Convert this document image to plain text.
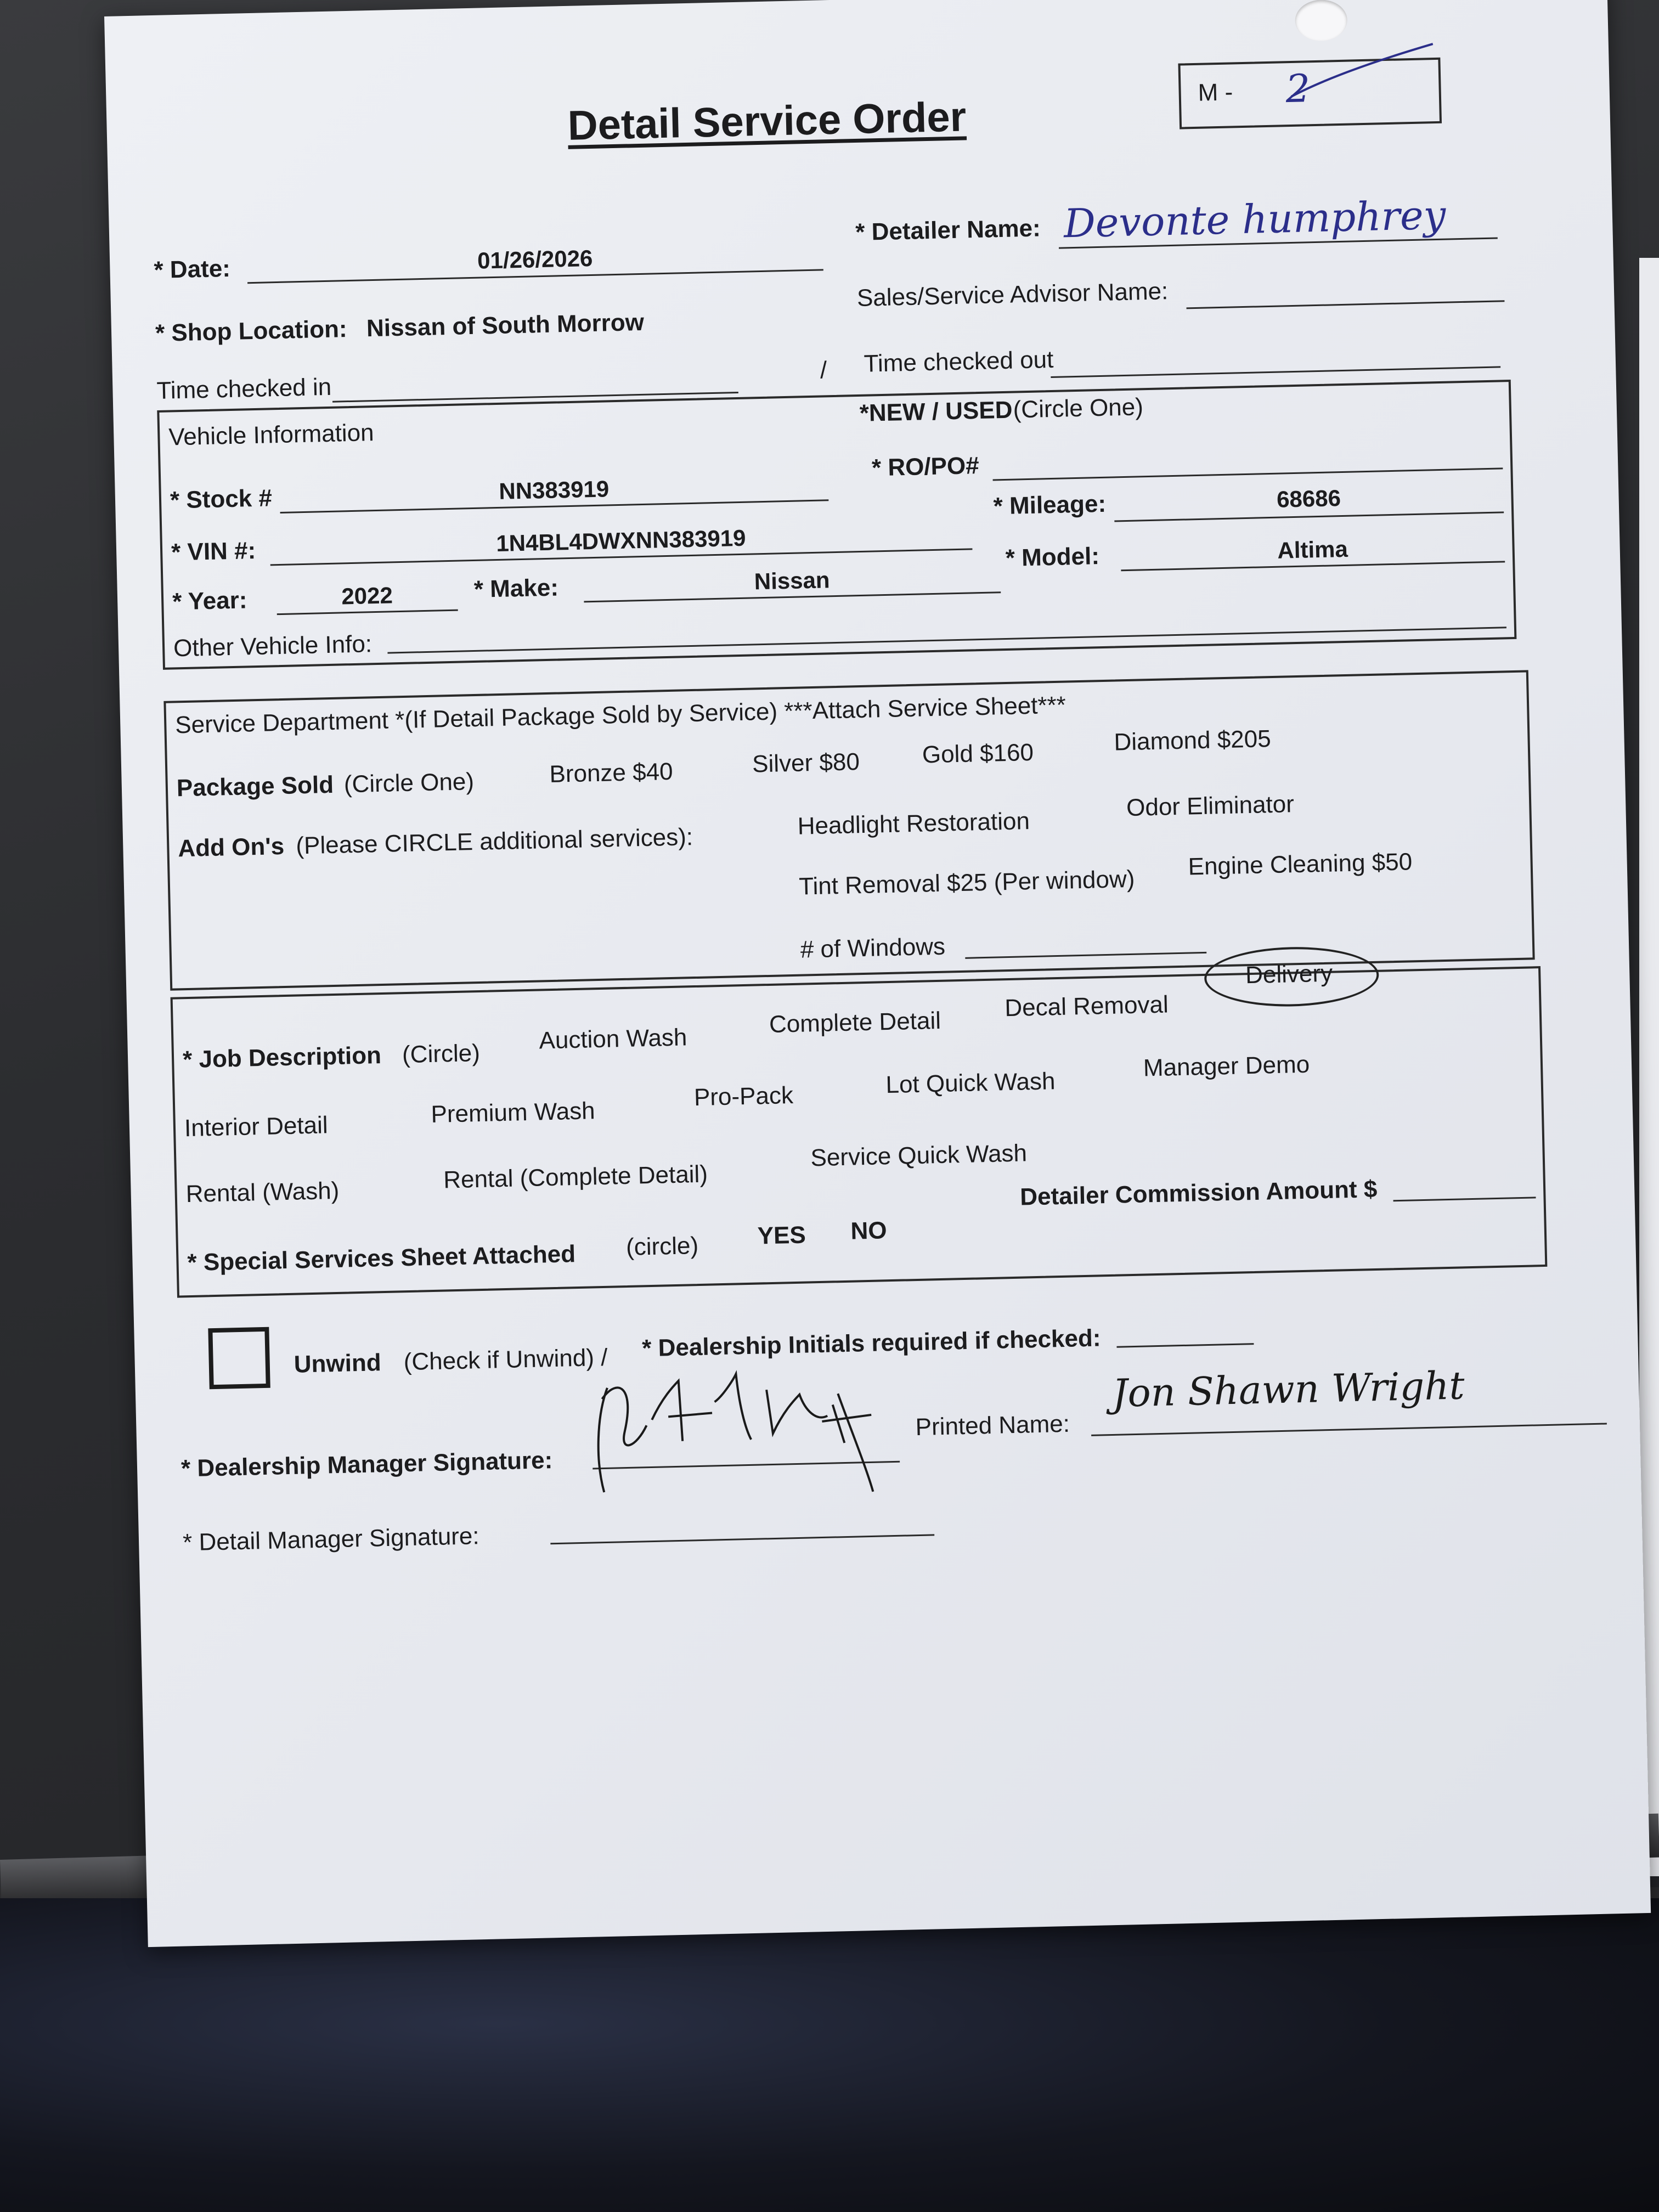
Detail Service Order
M - 2
* Date:	01/26/2026
* Detailer Name: Devonte humphrey
* Shop Location: Nissan of South Morrow
Sales/Service Advisor Name:
Time checked in
/ Time checked out
Vehicle Information
*NEW / USED (Circle One)
* Stock #	NN383919
* RO/PO#
* VIN #:	1N4BL4DWXNN383919
* Mileage:	68686
* Year:	2022	* Make:	Nissan
* Model:	Altima
Other Vehicle Info:
Service Department *(If Detail Package Sold by Service) ***Attach Service Sheet***
Package Sold (Circle One)	Bronze $40	Silver $80	Gold $160	Diamond $205
Add On's (Please CIRCLE additional services):	Headlight Restoration
Odor Eliminator
Tint Removal $25 (Per window)
Engine Cleaning $50
# of Windows
* Job Description (Circle) Auction Wash
Complete Detail
Decal Removal
Delivery
Interior Detail	Premium Wash
Pro-Pack	Lot Quick Wash
Manager Demo
Rental (Wash)	Rental (Complete Detail)
Service Quick Wash
* Special Services Sheet Attached (circle) YES NO
Detailer Commission Amount $
Unwind (Check if Unwind) / * Dealership Initials required if checked:
* Dealership Manager Signature:
Printed Name:
Jon Shawn Wright
* Detail Manager Signature:
